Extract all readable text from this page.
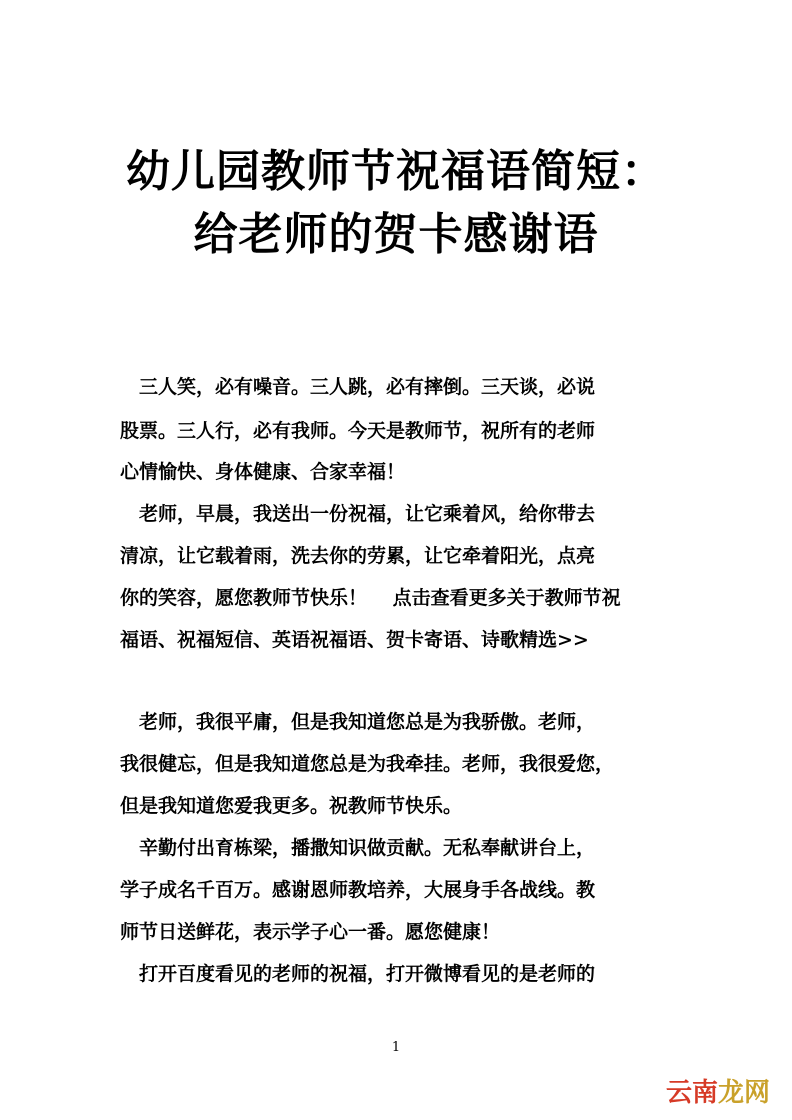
幼儿园教师节祝福语简短：
给老师的贺卡感谢语
　三人笑，必有噪音。三人跳，必有摔倒。三天谈，必说
股票。三人行，必有我师。今天是教师节，祝所有的老师
心情愉快、身体健康、合家幸福！
　老师，早晨，我送出一份祝福，让它乘着风，给你带去
清凉，让它载着雨，洗去你的劳累，让它牵着阳光，点亮
你的笑容，愿您教师节快乐！　 点击查看更多关于教师节祝
福语、祝福短信、英语祝福语、贺卡寄语、诗歌精选>>
　老师，我很平庸，但是我知道您总是为我骄傲。老师，
我很健忘，但是我知道您总是为我牵挂。老师，我很爱您，
但是我知道您爱我更多。祝教师节快乐。
　辛勤付出育栋梁，播撒知识做贡献。无私奉献讲台上，
学子成名千百万。感谢恩师教培养，大展身手各战线。教
师节日送鲜花，表示学子心一番。愿您健康！
　打开百度看见的老师的祝福，打开微博看见的是老师的
1
云南龙网
